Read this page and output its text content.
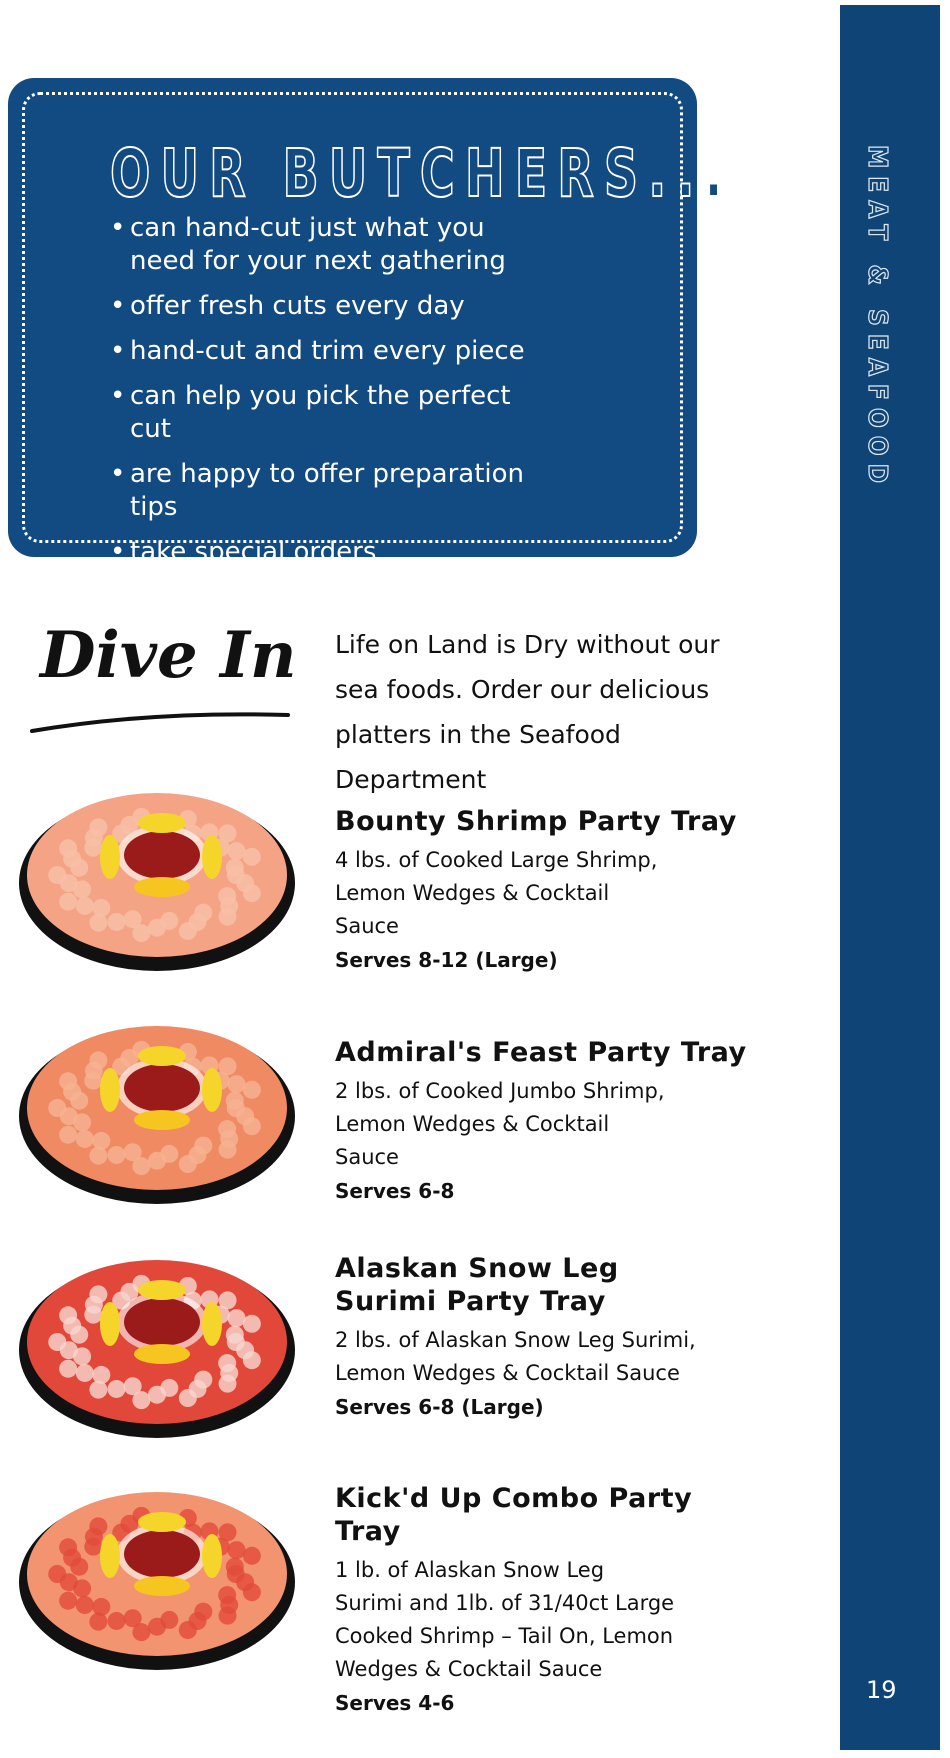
MEAT & SEAFOOD
19
OUR BUTCHERS...
• can hand-cut just what you need for your next gathering
• offer fresh cuts every day
• hand-cut and trim every piece
• can help you pick the perfect cut
• are happy to offer preparation tips
• take special orders
Dive In Life on Land is Dry without our sea foods. Order our delicious platters in the Seafood Department
Bounty Shrimp Party Tray
4 lbs. of Cooked Large Shrimp, Lemon Wedges & Cocktail Sauce
Serves 8-12 (Large)
Admiral's Feast Party Tray
2 lbs. of Cooked Jumbo Shrimp, Lemon Wedges & Cocktail Sauce
Serves 6-8
Alaskan Snow Leg Surimi Party Tray
2 lbs. of Alaskan Snow Leg Surimi, Lemon Wedges & Cocktail Sauce
Serves 6-8 (Large)
Kick'd Up Combo Party Tray
1 lb. of Alaskan Snow Leg Surimi and 1lb. of 31/40ct Large Cooked Shrimp – Tail On, Lemon Wedges & Cocktail Sauce
Serves 4-6
